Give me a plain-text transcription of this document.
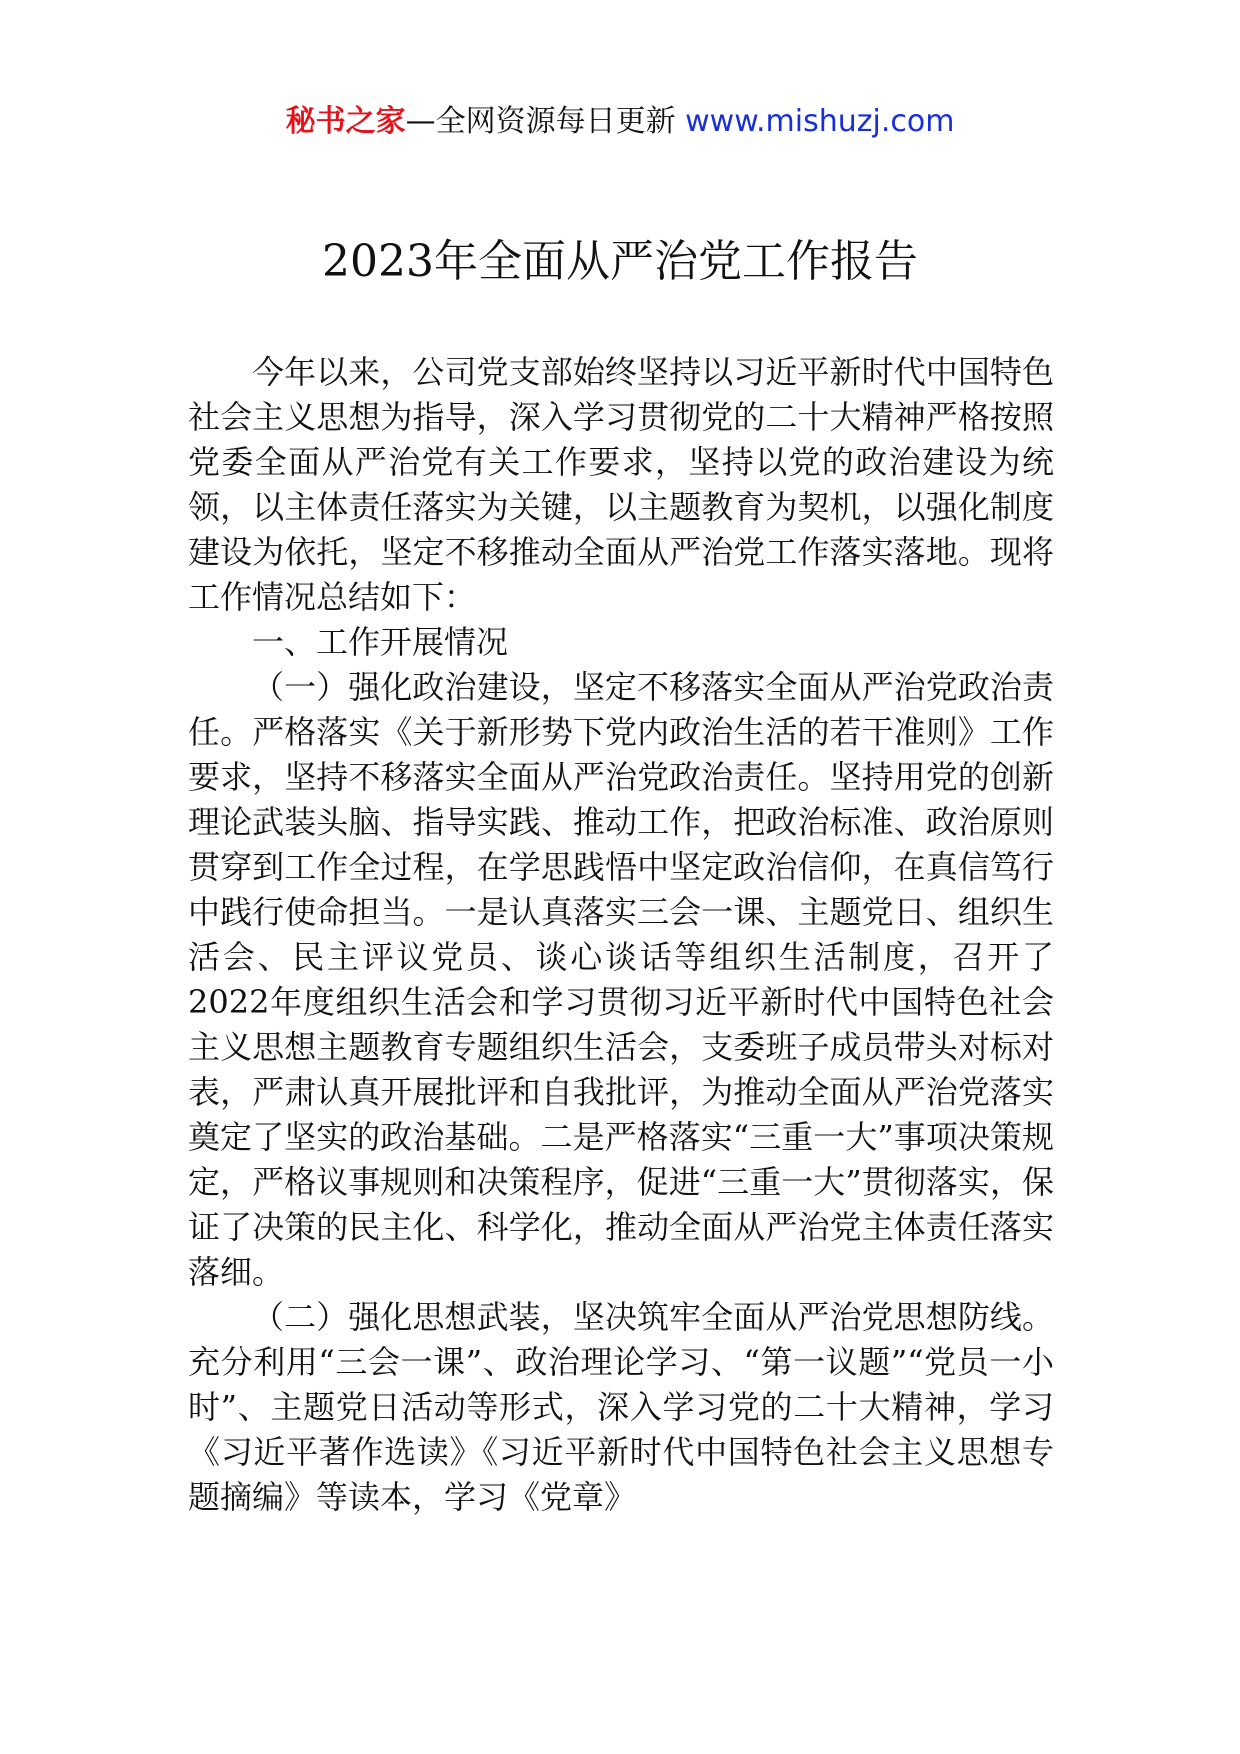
秘书之家—全网资源每日更新 www.mishuzj.com
2023年全面从严治党工作报告

今年以来，公司党支部始终坚持以习近平新时代中国特色社会主义思想为指导，深入学习贯彻党的二十大精神严格按照党委全面从严治党有关工作要求，坚持以党的政治建设为统领，以主体责任落实为关键，以主题教育为契机，以强化制度建设为依托，坚定不移推动全面从严治党工作落实落地。现将工作情况总结如下：

一、工作开展情况

（一）强化政治建设，坚定不移落实全面从严治党政治责任。严格落实《关于新形势下党内政治生活的若干准则》工作要求，坚持不移落实全面从严治党政治责任。坚持用党的创新理论武装头脑、指导实践、推动工作，把政治标准、政治原则贯穿到工作全过程，在学思践悟中坚定政治信仰，在真信笃行中践行使命担当。一是认真落实三会一课、主题党日、组织生活会、民主评议党员、谈心谈话等组织生活制度，召开了2022年度组织生活会和学习贯彻习近平新时代中国特色社会主义思想主题教育专题组织生活会，支委班子成员带头对标对表，严肃认真开展批评和自我批评，为推动全面从严治党落实奠定了坚实的政治基础。二是严格落实“三重一大”事项决策规定，严格议事规则和决策程序，促进“三重一大”贯彻落实，保证了决策的民主化、科学化，推动全面从严治党主体责任落实落细。

（二）强化思想武装，坚决筑牢全面从严治党思想防线。充分利用“三会一课”、政治理论学习、“第一议题”“党员一小时”、主题党日活动等形式，深入学习党的二十大精神，学习《习近平著作选读》《习近平新时代中国特色社会主义思想专题摘编》等读本，学习《党章》
